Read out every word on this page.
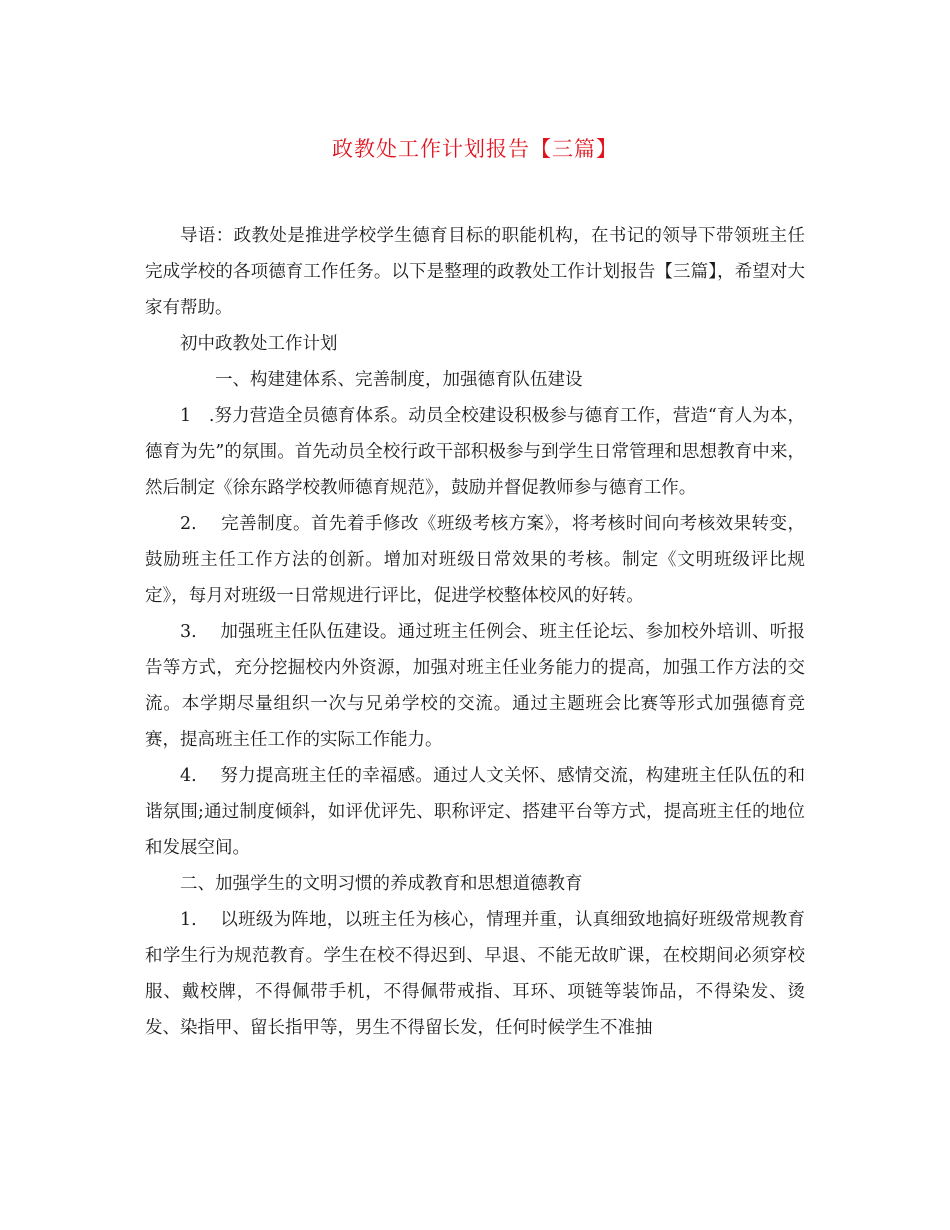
政教处工作计划报告【三篇】

导语：政教处是推进学校学生德育目标的职能机构，在书记的领导下带领班主任完成学校的各项德育工作任务。以下是整理的政教处工作计划报告【三篇】，希望对大家有帮助。

初中政教处工作计划

一、构建建体系、完善制度，加强德育队伍建设

1　.努力营造全员德育体系。动员全校建设积极参与德育工作，营造“育人为本，德育为先”的氛围。首先动员全校行政干部积极参与到学生日常管理和思想教育中来，然后制定《徐东路学校教师德育规范》，鼓励并督促教师参与德育工作。

2.　 完善制度。首先着手修改《班级考核方案》，将考核时间向考核效果转变，鼓励班主任工作方法的创新。增加对班级日常效果的考核。制定《文明班级评比规定》，每月对班级一日常规进行评比，促进学校整体校风的好转。

3.　 加强班主任队伍建设。通过班主任例会、班主任论坛、参加校外培训、听报告等方式，充分挖掘校内外资源，加强对班主任业务能力的提高，加强工作方法的交流。本学期尽量组织一次与兄弟学校的交流。通过主题班会比赛等形式加强德育竞赛，提高班主任工作的实际工作能力。

4.　 努力提高班主任的幸福感。通过人文关怀、感情交流，构建班主任队伍的和谐氛围;通过制度倾斜，如评优评先、职称评定、搭建平台等方式，提高班主任的地位和发展空间。

二、加强学生的文明习惯的养成教育和思想道德教育

1.　 以班级为阵地，以班主任为核心，情理并重，认真细致地搞好班级常规教育和学生行为规范教育。学生在校不得迟到、早退、不能无故旷课，在校期间必须穿校服、戴校牌，不得佩带手机，不得佩带戒指、耳环、项链等装饰品，不得染发、烫发、染指甲、留长指甲等，男生不得留长发，任何时候学生不准抽
